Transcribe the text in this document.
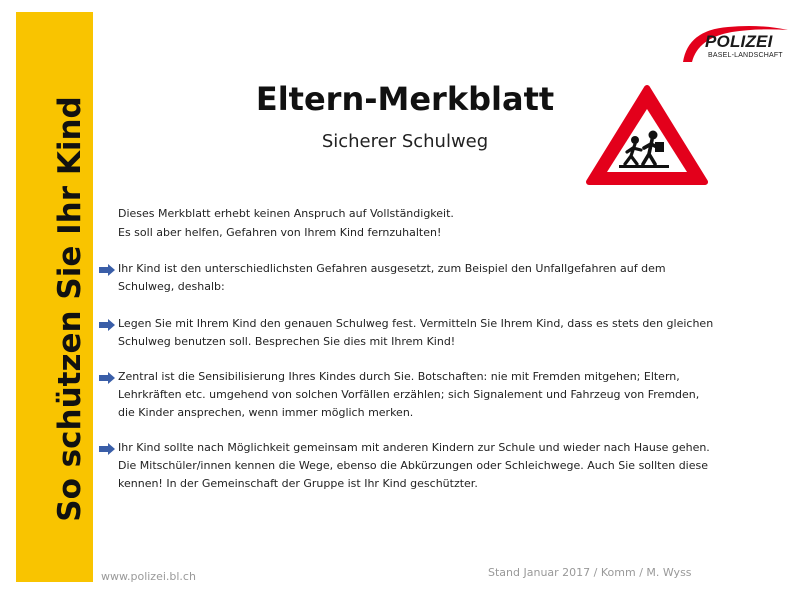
So schützen Sie Ihr Kind
POLIZEI
BASEL-LANDSCHAFT
Eltern-Merkblatt
Sicherer Schulweg
Dieses Merkblatt erhebt keinen Anspruch auf Vollständigkeit.
Es soll aber helfen, Gefahren von Ihrem Kind fernzuhalten!
Ihr Kind ist den unterschiedlichsten Gefahren ausgesetzt, zum Beispiel den Unfallgefahren auf dem Schulweg, deshalb:
Legen Sie mit Ihrem Kind den genauen Schulweg fest. Vermitteln Sie Ihrem Kind, dass es stets den gleichen Schulweg benutzen soll. Besprechen Sie dies mit Ihrem Kind!
Zentral ist die Sensibilisierung Ihres Kindes durch Sie. Botschaften: nie mit Fremden mitgehen; Eltern, Lehrkräften etc. umgehend von solchen Vorfällen erzählen; sich Signalement und Fahrzeug von Fremden, die Kinder ansprechen, wenn immer möglich merken.
Ihr Kind sollte nach Möglichkeit gemeinsam mit anderen Kindern zur Schule und wieder nach Hause gehen. Die Mitschüler/innen kennen die Wege, ebenso die Abkürzungen oder Schleichwege. Auch Sie sollten diese kennen! In der Gemeinschaft der Gruppe ist Ihr Kind geschützter.
www.polizei.bl.ch	Stand Januar 2017 / Komm / M. Wyss
